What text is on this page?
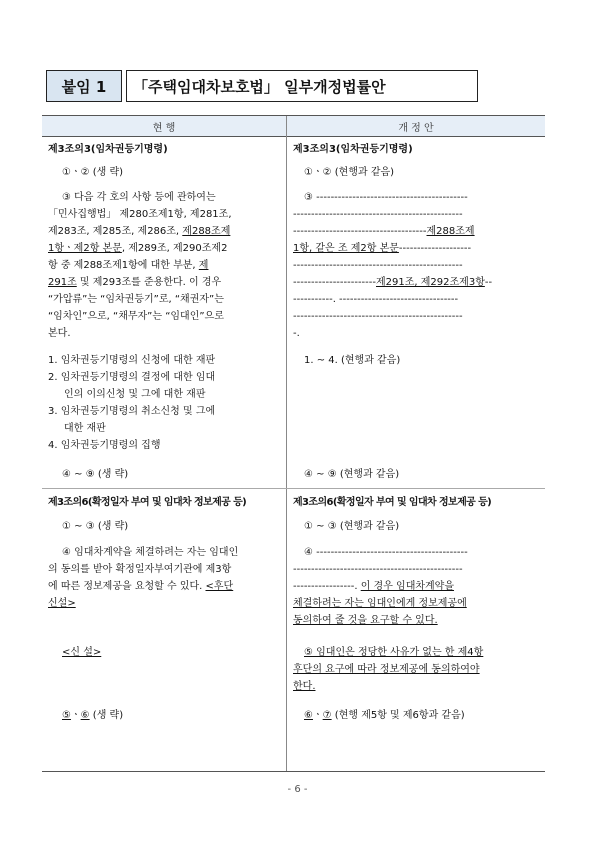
붙임 1	「주택임대차보호법」 일부개정법률안
현 행	개 정 안
제3조의3(임차권등기명령)
①ㆍ② (생 략)
③ 다음 각 호의 사항 등에 관하여는
「민사집행법」 제280조제1항, 제281조,
제283조, 제285조, 제286조, 제288조제
1항ㆍ제2항 본문, 제289조, 제290조제2
항 중 제288조제1항에 대한 부분, 제
291조 및 제293조를 준용한다. 이 경우
“가압류”는 “임차권등기”로, “채권자”는
“임차인”으로, “채무자”는 “임대인”으로
본다.
1. 임차권등기명령의 신청에 대한 재판
2. 임차권등기명령의 결정에 대한 임대
인의 이의신청 및 그에 대한 재판
3. 임차권등기명령의 취소신청 및 그에
대한 재판
4. 임차권등기명령의 집행
④ ~ ⑨ (생 략)
제3조의3(임차권등기명령)
①ㆍ② (현행과 같음)
③ ------------------------------------------
-----------------------------------------------
-------------------------------------제288조제
1항, 같은 조 제2항 본문--------------------
-----------------------------------------------
-----------------------제291조, 제292조제3항--
-----------. ---------------------------------
-----------------------------------------------
-.
1. ~ 4. (현행과 같음)
④ ~ ⑨ (현행과 같음)
제3조의6(확정일자 부여 및 임대차 정보제공 등)
① ~ ③ (생 략)
④ 임대차계약을 체결하려는 자는 임대인
의 동의를 받아 확정일자부여기관에 제3항
에 따른 정보제공을 요청할 수 있다. <후단
신설>
<신 설>
⑤ㆍ⑥ (생 략)
제3조의6(확정일자 부여 및 임대차 정보제공 등)
① ~ ③ (현행과 같음)
④ ------------------------------------------
-----------------------------------------------
-----------------. 이 경우 임대차계약을
체결하려는 자는 임대인에게 정보제공에
동의하여 줄 것을 요구할 수 있다.
⑤ 임대인은 정당한 사유가 없는 한 제4항
후단의 요구에 따라 정보제공에 동의하여야
한다.
⑥ㆍ⑦ (현행 제5항 및 제6항과 같음)
- 6 -
